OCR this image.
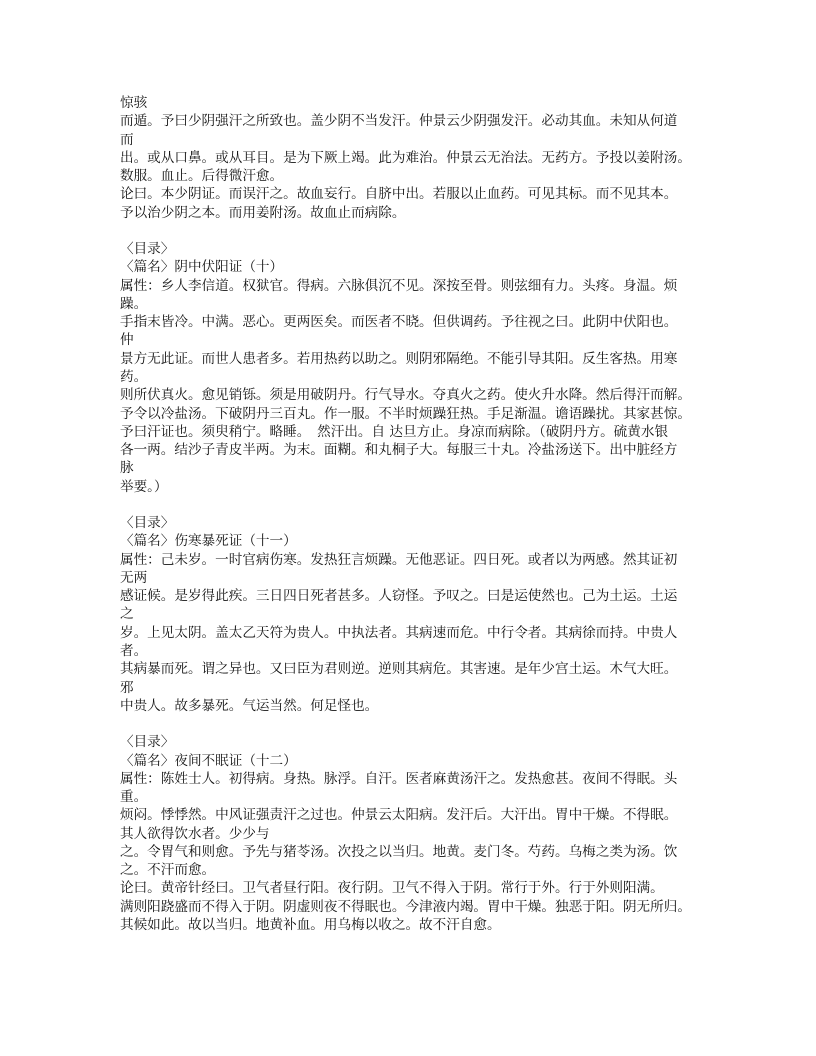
惊骇
而遁。予曰少阴强汗之所致也。盖少阴不当发汗。仲景云少阴强发汗。必动其血。未知从何道
而
出。或从口鼻。或从耳目。是为下厥上竭。此为难治。仲景云无治法。无药方。予投以姜附汤。
数服。血止。后得微汗愈。
论曰。本少阴证。而误汗之。故血妄行。自脐中出。若服以止血药。可见其标。而不见其本。
予以治少阴之本。而用姜附汤。故血止而病除。
〈目录〉
〈篇名〉阴中伏阳证（十）
属性：乡人李信道。权狱官。得病。六脉俱沉不见。深按至骨。则弦细有力。头疼。身温。烦
躁。
手指末皆冷。中满。恶心。更两医矣。而医者不晓。但供调药。予往视之曰。此阴中伏阳也。
仲
景方无此证。而世人患者多。若用热药以助之。则阴邪隔绝。不能引导其阳。反生客热。用寒
药。
则所伏真火。愈见销铄。须是用破阴丹。行气导水。夺真火之药。使火升水降。然后得汗而解。
予令以冷盐汤。下破阴丹三百丸。作一服。不半时烦躁狂热。手足渐温。谵语躁扰。其家甚惊。
予曰汗证也。须臾稍宁。略睡。　然汗出。自 达旦方止。身凉而病除。（破阴丹方。硫黄水银
各一两。结沙子青皮半两。为末。面糊。和丸桐子大。每服三十丸。冷盐汤送下。出中脏经方
脉
举要。）
〈目录〉
〈篇名〉伤寒暴死证（十一）
属性：己未岁。一时官病伤寒。发热狂言烦躁。无他恶证。四日死。或者以为两感。然其证初
无两
感证候。是岁得此疾。三日四日死者甚多。人窃怪。予叹之。曰是运使然也。己为土运。土运
之
岁。上见太阴。盖太乙天符为贵人。中执法者。其病速而危。中行令者。其病徐而持。中贵人
者。
其病暴而死。谓之异也。又曰臣为君则逆。逆则其病危。其害速。是年少宫土运。木气大旺。
邪
中贵人。故多暴死。气运当然。何足怪也。
〈目录〉
〈篇名〉夜间不眠证（十二）
属性：陈姓士人。初得病。身热。脉浮。自汗。医者麻黄汤汗之。发热愈甚。夜间不得眠。头
重。
烦闷。悸悸然。中风证强责汗之过也。仲景云太阳病。发汗后。大汗出。胃中干燥。不得眠。
其人欲得饮水者。少少与
之。令胃气和则愈。予先与猪苓汤。次投之以当归。地黄。麦门冬。芍药。乌梅之类为汤。饮
之。不汗而愈。
论曰。黄帝针经曰。卫气者昼行阳。夜行阴。卫气不得入于阴。常行于外。行于外则阳满。
满则阳跷盛而不得入于阴。阴虚则夜不得眠也。今津液内竭。胃中干燥。独恶于阳。阴无所归。
其候如此。故以当归。地黄补血。用乌梅以收之。故不汗自愈。
